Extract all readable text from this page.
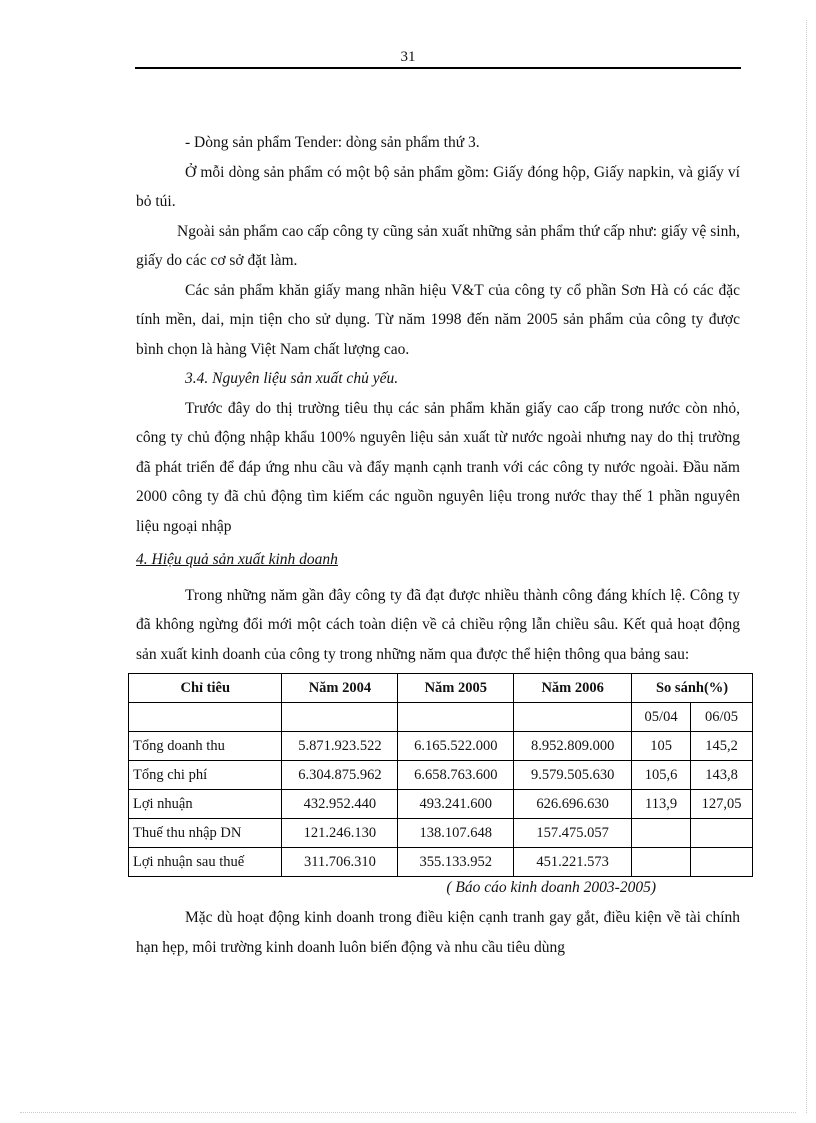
31

- Dòng sản phẩm Tender: dòng sản phẩm thứ 3.

Ở mỗi dòng sản phẩm có một bộ sản phẩm gồm: Giấy đóng hộp, Giấy napkin, và giấy ví bỏ túi.

Ngoài sản phẩm cao cấp công ty cũng sản xuất những sản phẩm thứ cấp như: giấy vệ sinh, giấy do các cơ sở đặt làm.

Các sản phẩm khăn giấy mang nhãn hiệu V&T của công ty cổ phần Sơn Hà có các đặc tính mền, dai, mịn tiện cho sử dụng. Từ năm 1998 đến năm 2005 sản phẩm của công ty được bình chọn là hàng Việt Nam chất lượng cao.

3.4. Nguyên liệu sản xuất chủ yếu.

Trước đây do thị trường tiêu thụ các sản phẩm khăn giấy cao cấp trong nước còn nhỏ, công ty chủ động nhập khẩu 100% nguyên liệu sản xuất từ nước ngoài nhưng nay do thị trường đã phát triển để đáp ứng nhu cầu và đẩy mạnh cạnh tranh với các công ty nước ngoài. Đầu năm 2000 công ty đã chủ động tìm kiếm các nguồn nguyên liệu trong nước thay thế 1 phần nguyên liệu ngoại nhập

4. Hiệu quả sản xuất kinh doanh

Trong những năm gần đây công ty đã đạt được nhiều thành công đáng khích lệ. Công ty đã không ngừng đổi mới một cách toàn diện về cả chiều rộng lẫn chiều sâu. Kết quả hoạt động sản xuất kinh doanh của công ty trong những năm qua được thể hiện thông qua bảng sau:

Chỉ tiêu	Năm 2004	Năm 2005	Năm 2006	So sánh(%)	
				05/04	06/05
Tổng doanh thu	5.871.923.522	6.165.522.000	8.952.809.000	105	145,2
Tổng chi phí	6.304.875.962	6.658.763.600	9.579.505.630	105,6	143,8
Lợi nhuận	432.952.440	493.241.600	626.696.630	113,9	127,05
Thuế thu nhập DN	121.246.130	138.107.648	157.475.057		
Lợi nhuận sau thuế	311.706.310	355.133.952	451.221.573		

( Báo cáo kinh doanh 2003-2005)

Mặc dù hoạt động kinh doanh trong điều kiện cạnh tranh gay gắt, điều kiện về tài chính hạn hẹp, môi trường kinh doanh luôn biến động và nhu cầu tiêu dùng
